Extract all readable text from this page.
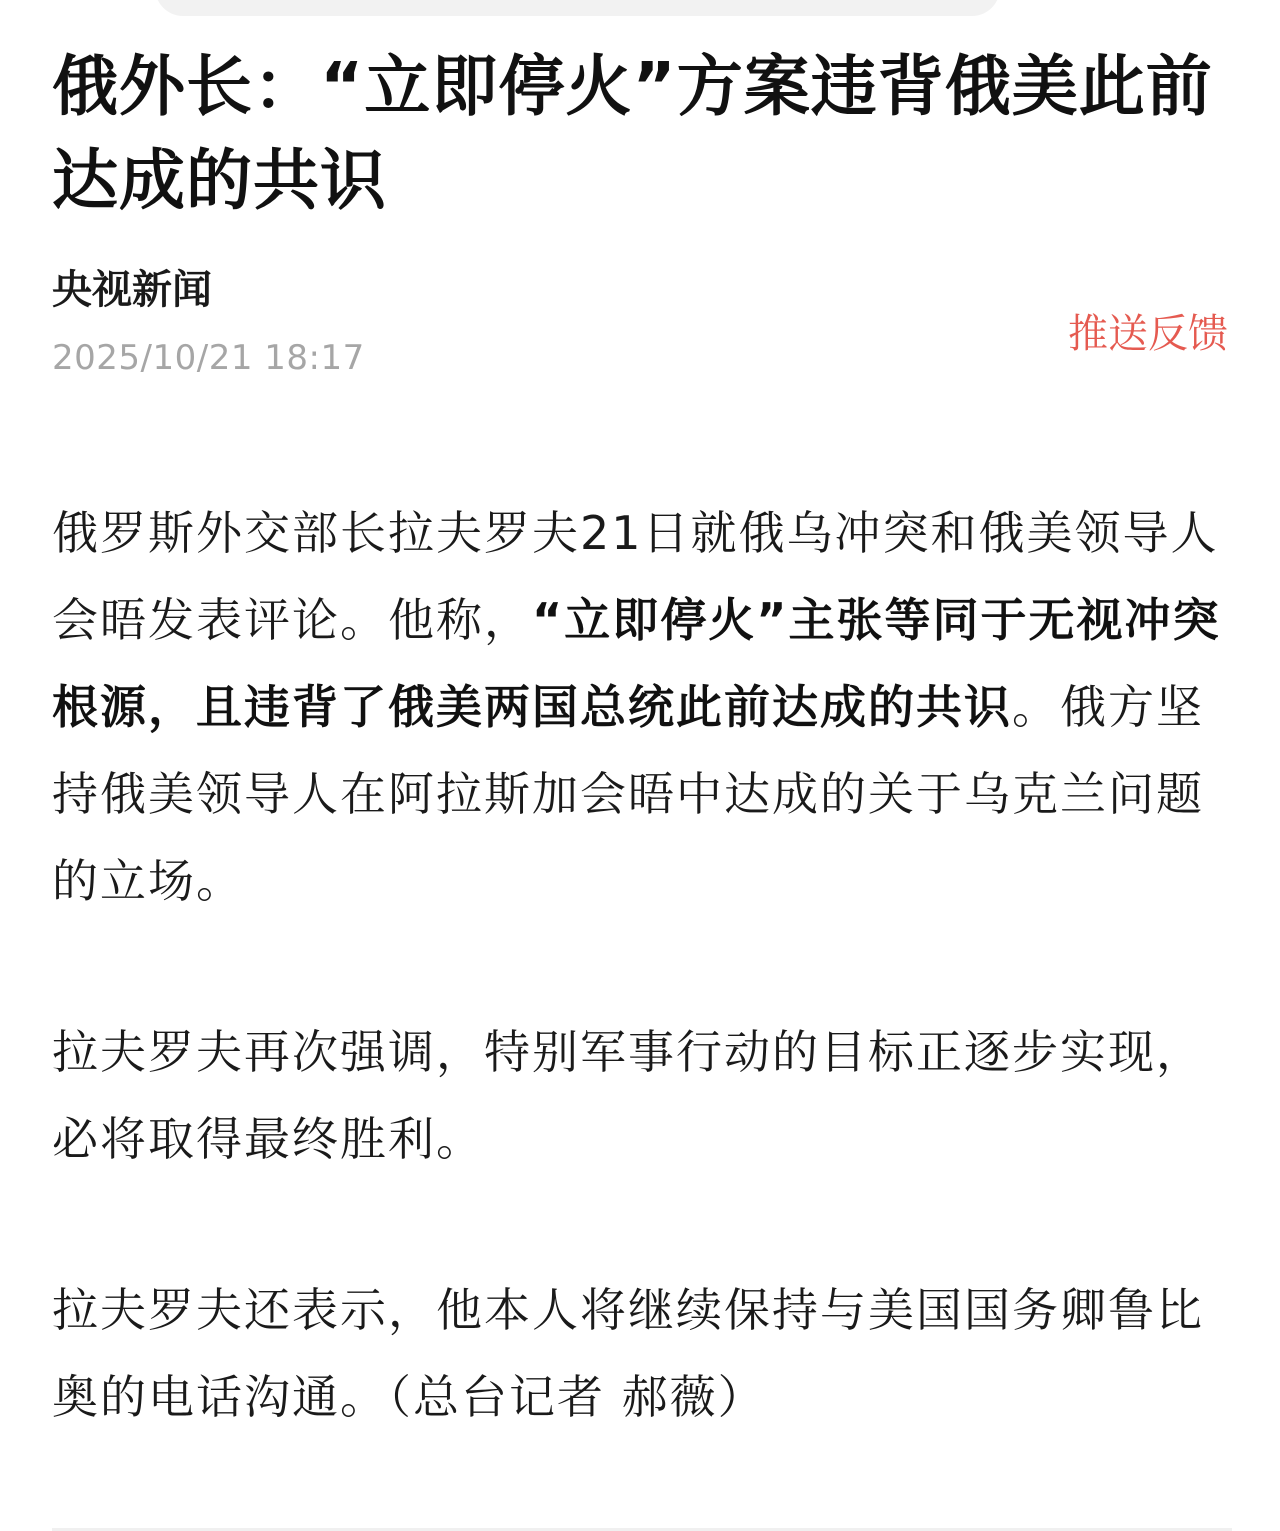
俄外长：“立即停火”方案违背俄美此前达成的共识
央视新闻
2025/10/21 18:17
推送反馈

俄罗斯外交部长拉夫罗夫21日就俄乌冲突和俄美领导人会晤发表评论。他称，“立即停火”主张等同于无视冲突根源，且违背了俄美两国总统此前达成的共识。俄方坚持俄美领导人在阿拉斯加会晤中达成的关于乌克兰问题的立场。

拉夫罗夫再次强调，特别军事行动的目标正逐步实现，必将取得最终胜利。

拉夫罗夫还表示，他本人将继续保持与美国国务卿鲁比奥的电话沟通。（总台记者 郝薇）
